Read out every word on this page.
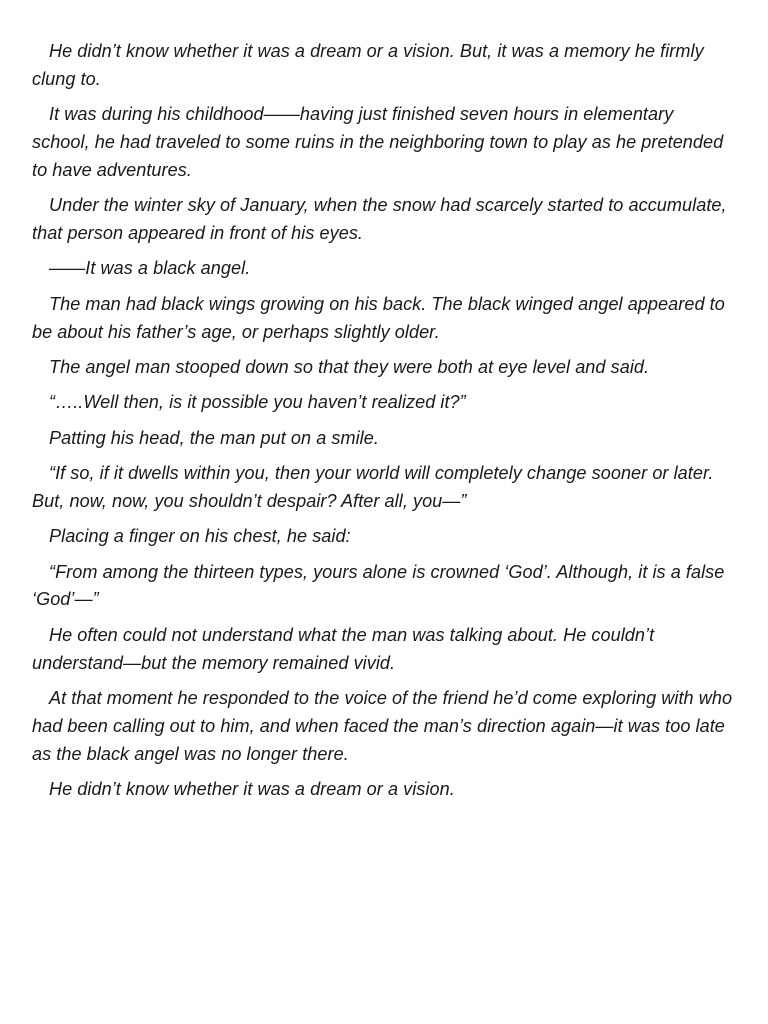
He didn’t know whether it was a dream or a vision. But, it was a memory he firmly clung to.

It was during his childhood——having just finished seven hours in elementary school, he had traveled to some ruins in the neighboring town to play as he pretended to have adventures.

Under the winter sky of January, when the snow had scarcely started to accumulate, that person appeared in front of his eyes.

——It was a black angel.

The man had black wings growing on his back. The black winged angel appeared to be about his father’s age, or perhaps slightly older.

The angel man stooped down so that they were both at eye level and said.

“…..Well then, is it possible you haven’t realized it?”

Patting his head, the man put on a smile.

“If so, if it dwells within you, then your world will completely change sooner or later. But, now, now, you shouldn’t despair? After all, you—”

Placing a finger on his chest, he said:

“From among the thirteen types, yours alone is crowned ‘God’. Although, it is a false ‘God’—”

He often could not understand what the man was talking about. He couldn’t understand—but the memory remained vivid.

At that moment he responded to the voice of the friend he’d come exploring with who had been calling out to him, and when faced the man’s direction again—it was too late as the black angel was no longer there.

He didn’t know whether it was a dream or a vision.
